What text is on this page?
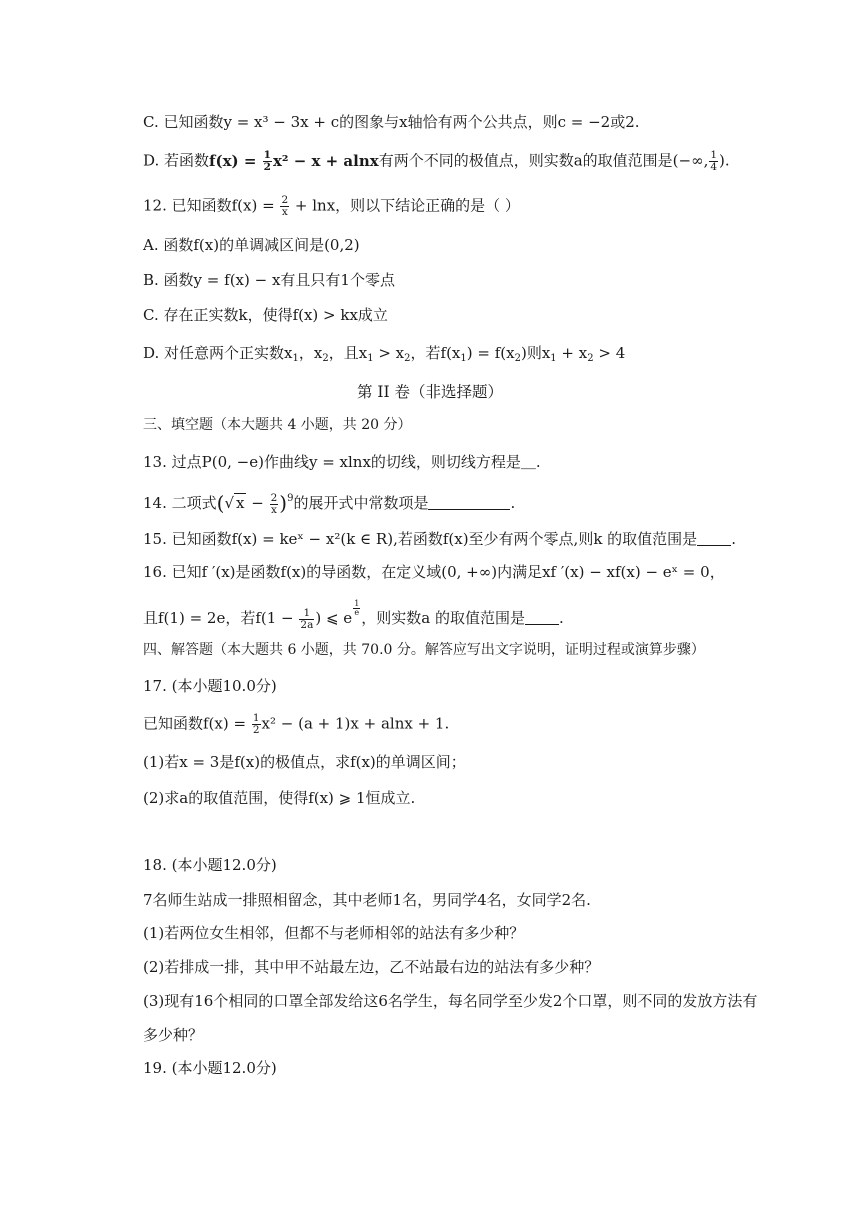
C. 已知函数y = x³ − 3x + c的图象与x轴恰有两个公共点，则c = −2或2.
D. 若函数$f(x) = \frac{1}{2} x^2 - x + alnx$有两个不同的极值点，则实数a的取值范围是(−∞, $\frac{1}{4}$ ).
12. 已知函数$f(x) = \frac{2}{x} + \ln x$，则以下结论正确的是（ ）
A. 函数f(x)的单调减区间是(0,2)
B. 函数y = f(x) − x有且只有1个零点
C. 存在正实数k，使得f(x) > kx成立
D. 对任意两个正实数$x_1$，$x_2$，且$x_1 > x_2$，若$f(x_1) = f(x_2)$则$x_1 + x_2 > 4$
第 II 卷（非选择题）
三、填空题（本大题共 4 小题，共 20 分）
13. 过点P(0, −e)作曲线y = xlnx的切线，则切线方程是＿.
14. 二项式(√ $x - \frac{2}{x} )^9$的展开式中常数项是	.
15. 已知函数f(x) = keˣ − x²(k ∈ R),若函数f(x)至少有两个零点,则k 的取值范围是 .
16. 已知f ′(x)是函数f(x)的导函数，在定义域(0, +∞)内满足xf ′(x) − xf(x) − eˣ = 0，
且f(1) = 2e，若$f(1 - \frac{1}{2a}$ ) ⩽ e
$\frac{1}{e}$
，则实数a 的取值范围是 .
四、解答题（本大题共 6 小题，共 70.0 分。解答应写出文字说明，证明过程或演算步骤）
17. (本小题10.0分)
已知函数$f(x) = \frac{1}{2} x^2 - (a + 1)x + alnx + 1$.
(1)若x = 3是f(x)的极值点，求f(x)的单调区间；
(2)求a的取值范围，使得f(x) ⩾ 1恒成立.
18. (本小题12.0分)
7名师生站成一排照相留念，其中老师1名，男同学4名，女同学2名.
(1)若两位女生相邻，但都不与老师相邻的站法有多少种？
(2)若排成一排，其中甲不站最左边，乙不站最右边的站法有多少种？
(3)现有16个相同的口罩全部发给这6名学生，每名同学至少发2个口罩，则不同的发放方法有
多少种？
19. (本小题12.0分)
